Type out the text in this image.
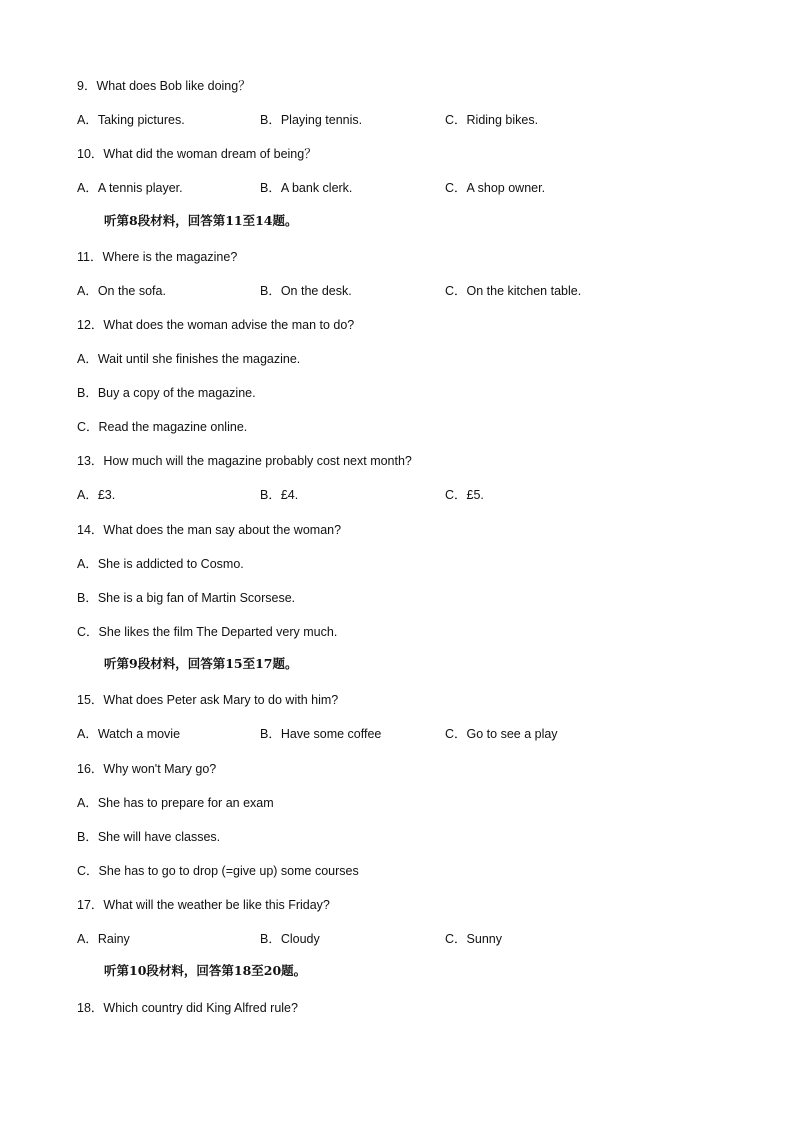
9．What does Bob like doing？
A．Taking pictures.	B．Playing tennis.	C．Riding bikes.
10．What did the woman dream of being？
A．A tennis player.	B．A bank clerk.	C．A shop owner.
听第8段材料，回答第11至14题。
11．Where is the magazine?
A．On the sofa.	B．On the desk.	C．On the kitchen table.
12．What does the woman advise the man to do?
A．Wait until she finishes the magazine.
B．Buy a copy of the magazine.
C．Read the magazine online.
13．How much will the magazine probably cost next month?
A．£3.	B．£4.	C．£5.
14．What does the man say about the woman?
A．She is addicted to Cosmo.
B．She is a big fan of Martin Scorsese.
C．She likes the film The Departed very much.
听第9段材料，回答第15至17题。
15．What does Peter ask Mary to do with him?
A．Watch a movie	B．Have some coffee	C．Go to see a play
16．Why won't Mary go?
A．She has to prepare for an exam
B．She will have classes.
C．She has to go to drop (=give up) some courses
17．What will the weather be like this Friday?
A．Rainy	B．Cloudy	C．Sunny
听第10段材料，回答第18至20题。
18．Which country did King Alfred rule?
